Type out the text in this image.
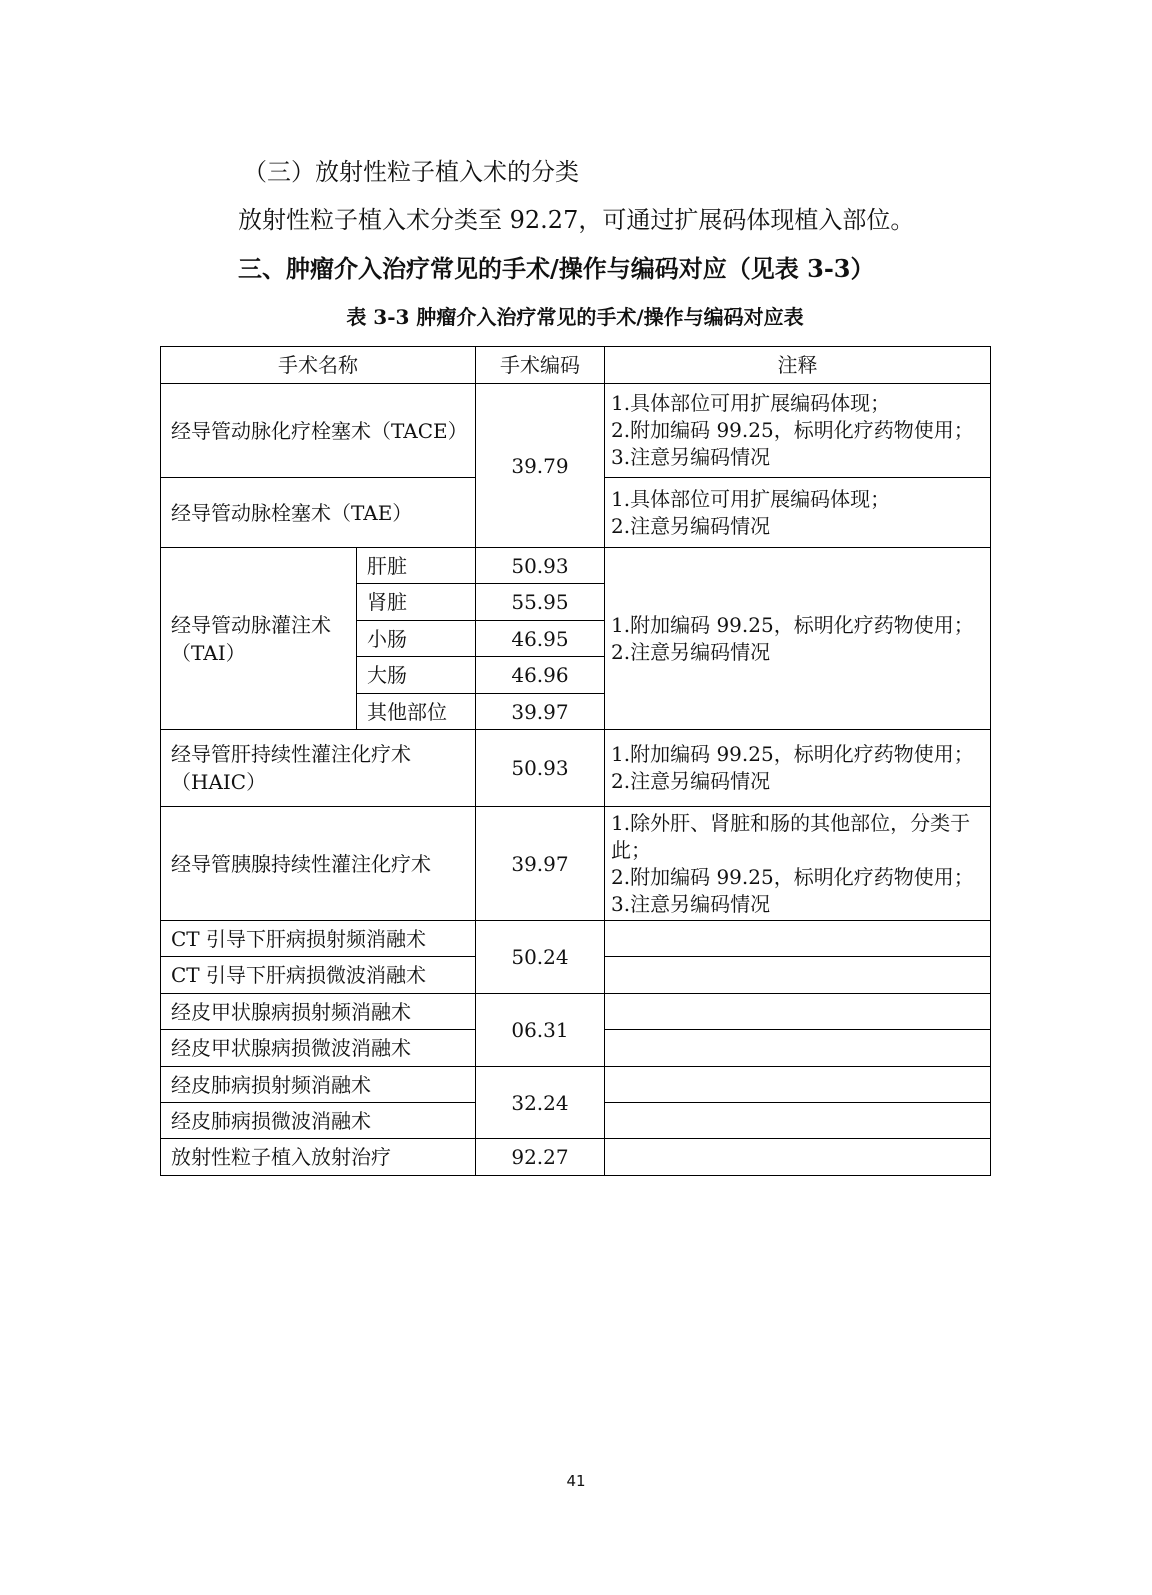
（三）放射性粒子植入术的分类
放射性粒子植入术分类至 92.27，可通过扩展码体现植入部位。
三、肿瘤介入治疗常见的手术/操作与编码对应（见表 3-3）
表 3-3 肿瘤介入治疗常见的手术/操作与编码对应表
手术名称		手术编码	注释
经导管动脉化疗栓塞术（TACE）		39.79	1.具体部位可用扩展编码体现；
2.附加编码 99.25，标明化疗药物使用；
3.注意另编码情况
经导管动脉栓塞术（TAE）			1.具体部位可用扩展编码体现；
2.注意另编码情况
经导管动脉灌注术
（TAI）	肝脏	50.93	1.附加编码 99.25，标明化疗药物使用；
2.注意另编码情况
	肾脏	55.95	
	小肠	46.95	
	大肠	46.96	
	其他部位	39.97	
经导管肝持续性灌注化疗术
（HAIC）		50.93	1.附加编码 99.25，标明化疗药物使用；
2.注意另编码情况
经导管胰腺持续性灌注化疗术		39.97	1.除外肝、肾脏和肠的其他部位，分类于此；
2.附加编码 99.25，标明化疗药物使用；
3.注意另编码情况
CT 引导下肝病损射频消融术		50.24	
CT 引导下肝病损微波消融术			
经皮甲状腺病损射频消融术		06.31	
经皮甲状腺病损微波消融术			
经皮肺病损射频消融术		32.24	
经皮肺病损微波消融术			
放射性粒子植入放射治疗		92.27	
41
